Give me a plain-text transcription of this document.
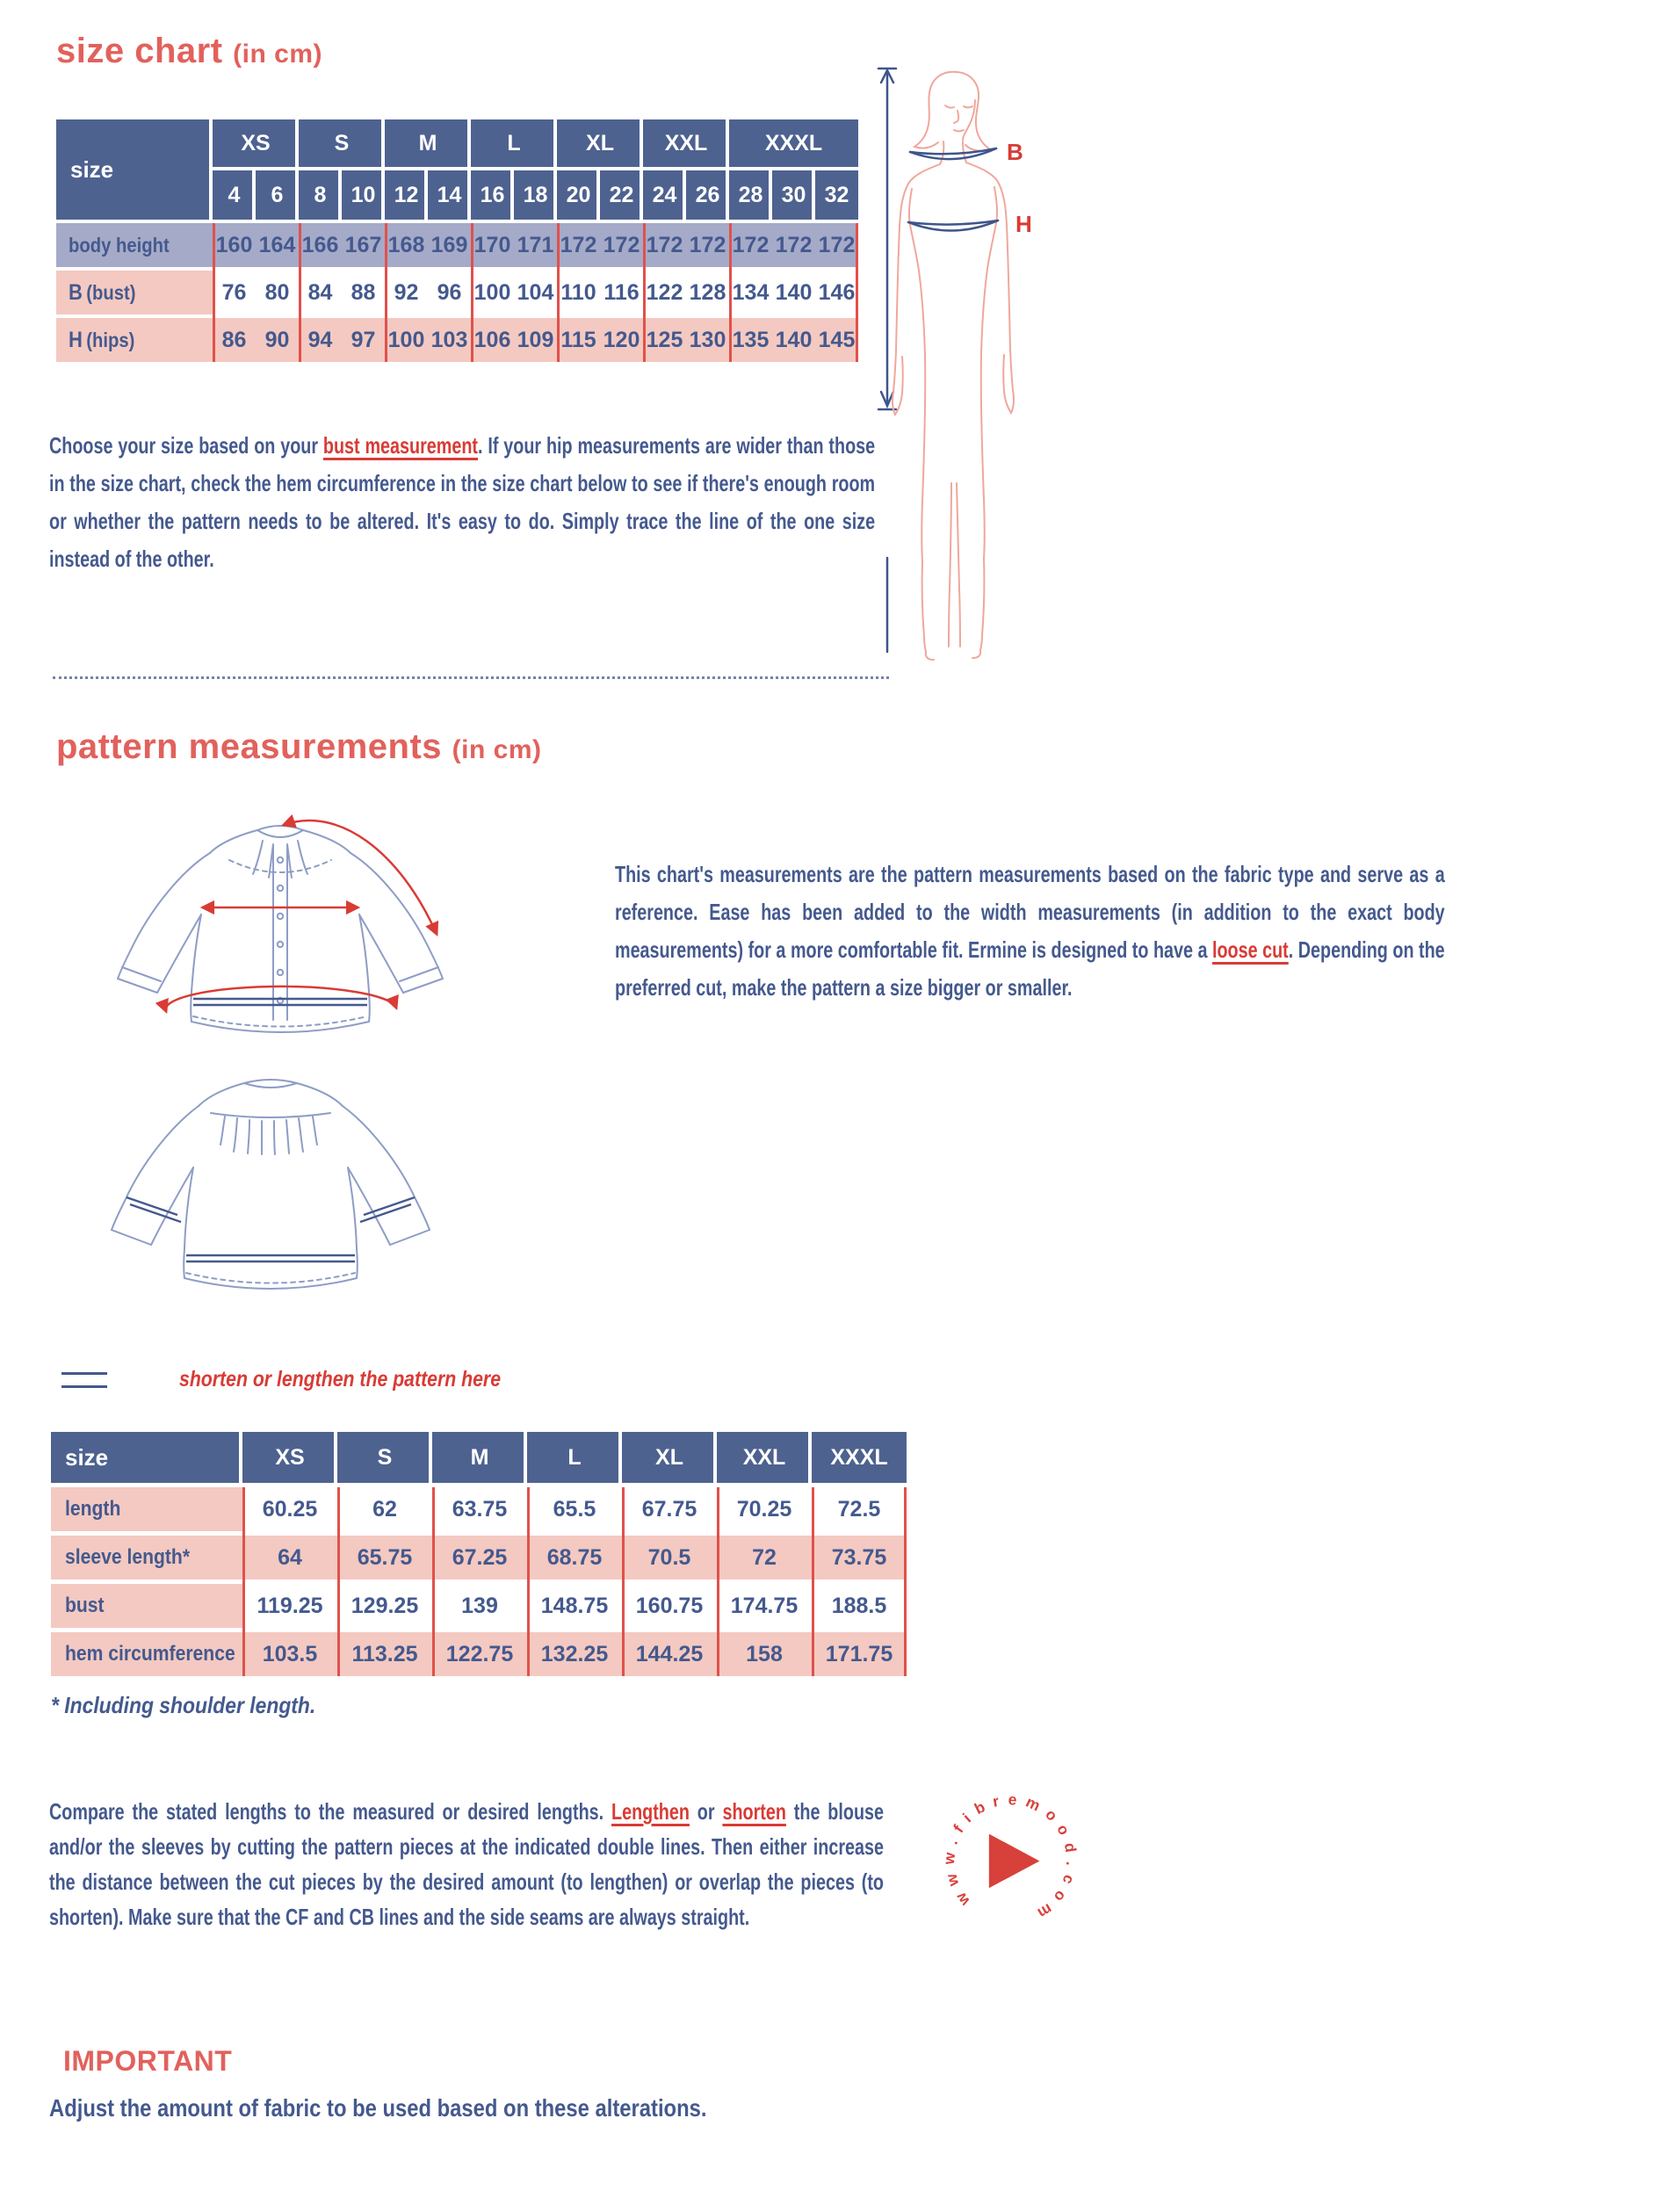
size chart (in cm)
size
XS	S	M	L	XL	XXL	XXXL
4	6	8	10 12 14 16 18 20 22 24 26 28 30 32
body height 160 164 166 167 168 169 170 171 172 172 172 172 172 172 172
B (bust)	76 80 84 88 92 96 100 104 110 116 122 128 134 140 146
H (hips)	86 90 94 97 100 103 106 109 115 120 125 130 135 140 145
B
H

Choose your size based on your bust measurement. If your hip measurements are wider than those in the size chart, check the hem circumference in the size chart below to see if there's enough room or whether the pattern needs to be altered. It's easy to do. Simply trace the line of the one size instead of the other.

pattern measurements (in cm)

This chart's measurements are the pattern measurements based on the fabric type and serve as a reference. Ease has been added to the width measurements (in addition to the exact body measurements) for a more comfortable fit. Ermine is designed to have a loose cut. Depending on the preferred cut, make the pattern a size bigger or smaller.

shorten or lengthen the pattern here
size	XS	S	M	L	XL	XXL	XXXL
length	60.25	62	63.75	65.5	67.75	70.25	72.5
sleeve length*	64	65.75	67.25	68.75	70.5	72	73.75
bust	119.25	129.25	139	148.75	160.75	174.75	188.5
hem circumference	103.5	113.25	122.75	132.25	144.25	158	171.75
* Including shoulder length.

Compare the stated lengths to the measured or desired lengths. Lengthen or shorten the blouse and/or the sleeves by cutting the pattern pieces at the indicated double lines. Then either increase the distance between the cut pieces by the desired amount (to lengthen) or overlap the pieces (to shorten). Make sure that the CF and CB lines and the side seams are always straight.

www.fibremood.com
IMPORTANT
Adjust the amount of fabric to be used based on these alterations.
